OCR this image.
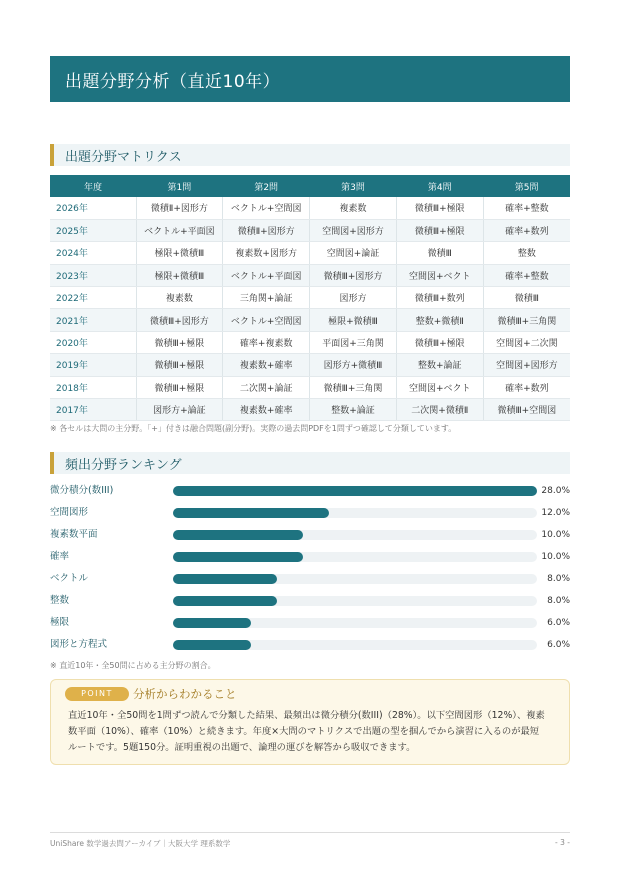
出題分野分析（直近10年）
出題分野マトリクス
年度	第1問	第2問	第3問	第4問	第5問
2026年	微積Ⅱ+図形方	ベクトル+空間図	複素数	微積Ⅲ+極限	確率+整数
2025年	ベクトル+平面図	微積Ⅱ+図形方	空間図+図形方	微積Ⅲ+極限	確率+数列
2024年	極限+微積Ⅲ	複素数+図形方	空間図+論証	微積Ⅲ	整数
2023年	極限+微積Ⅲ	ベクトル+平面図	微積Ⅲ+図形方	空間図+ベクト	確率+整数
2022年	複素数	三角関+論証	図形方	微積Ⅲ+数列	微積Ⅲ
2021年	微積Ⅲ+図形方	ベクトル+空間図	極限+微積Ⅲ	整数+微積Ⅱ	微積Ⅲ+三角関
2020年	微積Ⅲ+極限	確率+複素数	平面図+三角関	微積Ⅲ+極限	空間図+二次関
2019年	微積Ⅲ+極限	複素数+確率	図形方+微積Ⅲ	整数+論証	空間図+図形方
2018年	微積Ⅲ+極限	二次関+論証	微積Ⅲ+三角関	空間図+ベクト	確率+数列
2017年	図形方+論証	複素数+確率	整数+論証	二次関+微積Ⅱ	微積Ⅲ+空間図
※ 各セルは大問の主分野。「+」付きは融合問題(副分野)。実際の過去問PDFを1問ずつ確認して分類しています。
頻出分野ランキング
微分積分(数III)	28.0%
空間図形	12.0%
複素数平面	10.0%
確率	10.0%
ベクトル	8.0%
整数	8.0%
極限	6.0%
図形と方程式	6.0%
※ 直近10年・全50問に占める主分野の割合。
POINT	分析からわかること
直近10年・全50問を1問ずつ読んで分類した結果、最頻出は微分積分(数III)（28%）。以下空間図形（12%）、複素
数平面（10%）、確率（10%）と続きます。年度×大問のマトリクスで出題の型を掴んでから演習に入るのが最短
ルートです。5題150分。証明重視の出題で、論理の運びを解答から吸収できます。
UniShare 数学過去問アーカイブ｜大阪大学 理系数学	- 3 -
